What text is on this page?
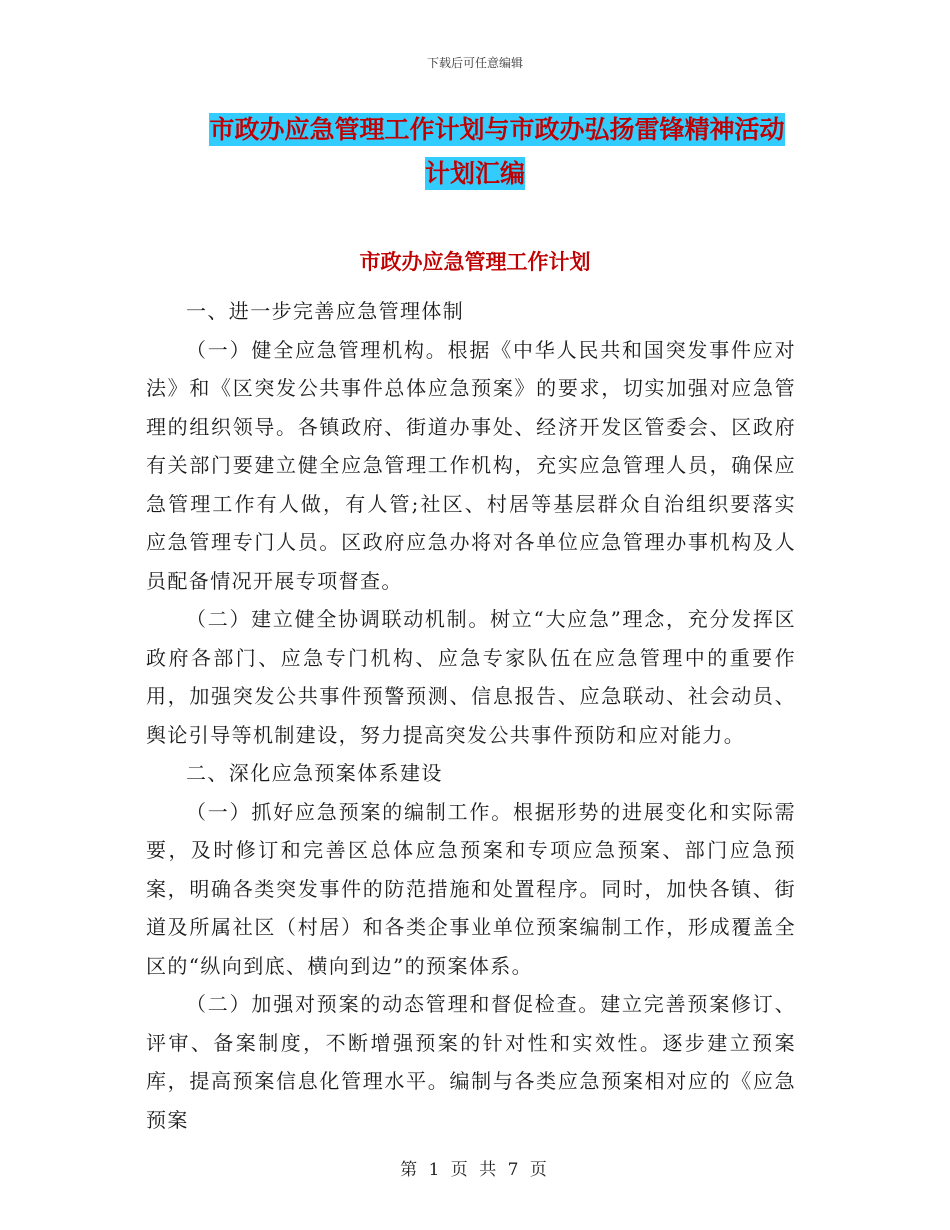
下载后可任意编辑
市政办应急管理工作计划与市政办弘扬雷锋精神活动
计划汇编
市政办应急管理工作计划

一、进一步完善应急管理体制

（一）健全应急管理机构。根据《中华人民共和国突发事件应对法》和《区突发公共事件总体应急预案》的要求，切实加强对应急管理的组织领导。各镇政府、街道办事处、经济开发区管委会、区政府有关部门要建立健全应急管理工作机构，充实应急管理人员，确保应急管理工作有人做，有人管;社区、村居等基层群众自治组织要落实应急管理专门人员。区政府应急办将对各单位应急管理办事机构及人员配备情况开展专项督查。

（二）建立健全协调联动机制。树立“大应急”理念，充分发挥区政府各部门、应急专门机构、应急专家队伍在应急管理中的重要作用，加强突发公共事件预警预测、信息报告、应急联动、社会动员、舆论引导等机制建设，努力提高突发公共事件预防和应对能力。

二、深化应急预案体系建设

（一）抓好应急预案的编制工作。根据形势的进展变化和实际需要，及时修订和完善区总体应急预案和专项应急预案、部门应急预案，明确各类突发事件的防范措施和处置程序。同时，加快各镇、街道及所属社区（村居）和各类企事业单位预案编制工作，形成覆盖全区的“纵向到底、横向到边”的预案体系。

（二）加强对预案的动态管理和督促检查。建立完善预案修订、评审、备案制度，不断增强预案的针对性和实效性。逐步建立预案库，提高预案信息化管理水平。编制与各类应急预案相对应的《应急预案

第 1 页 共 7 页
